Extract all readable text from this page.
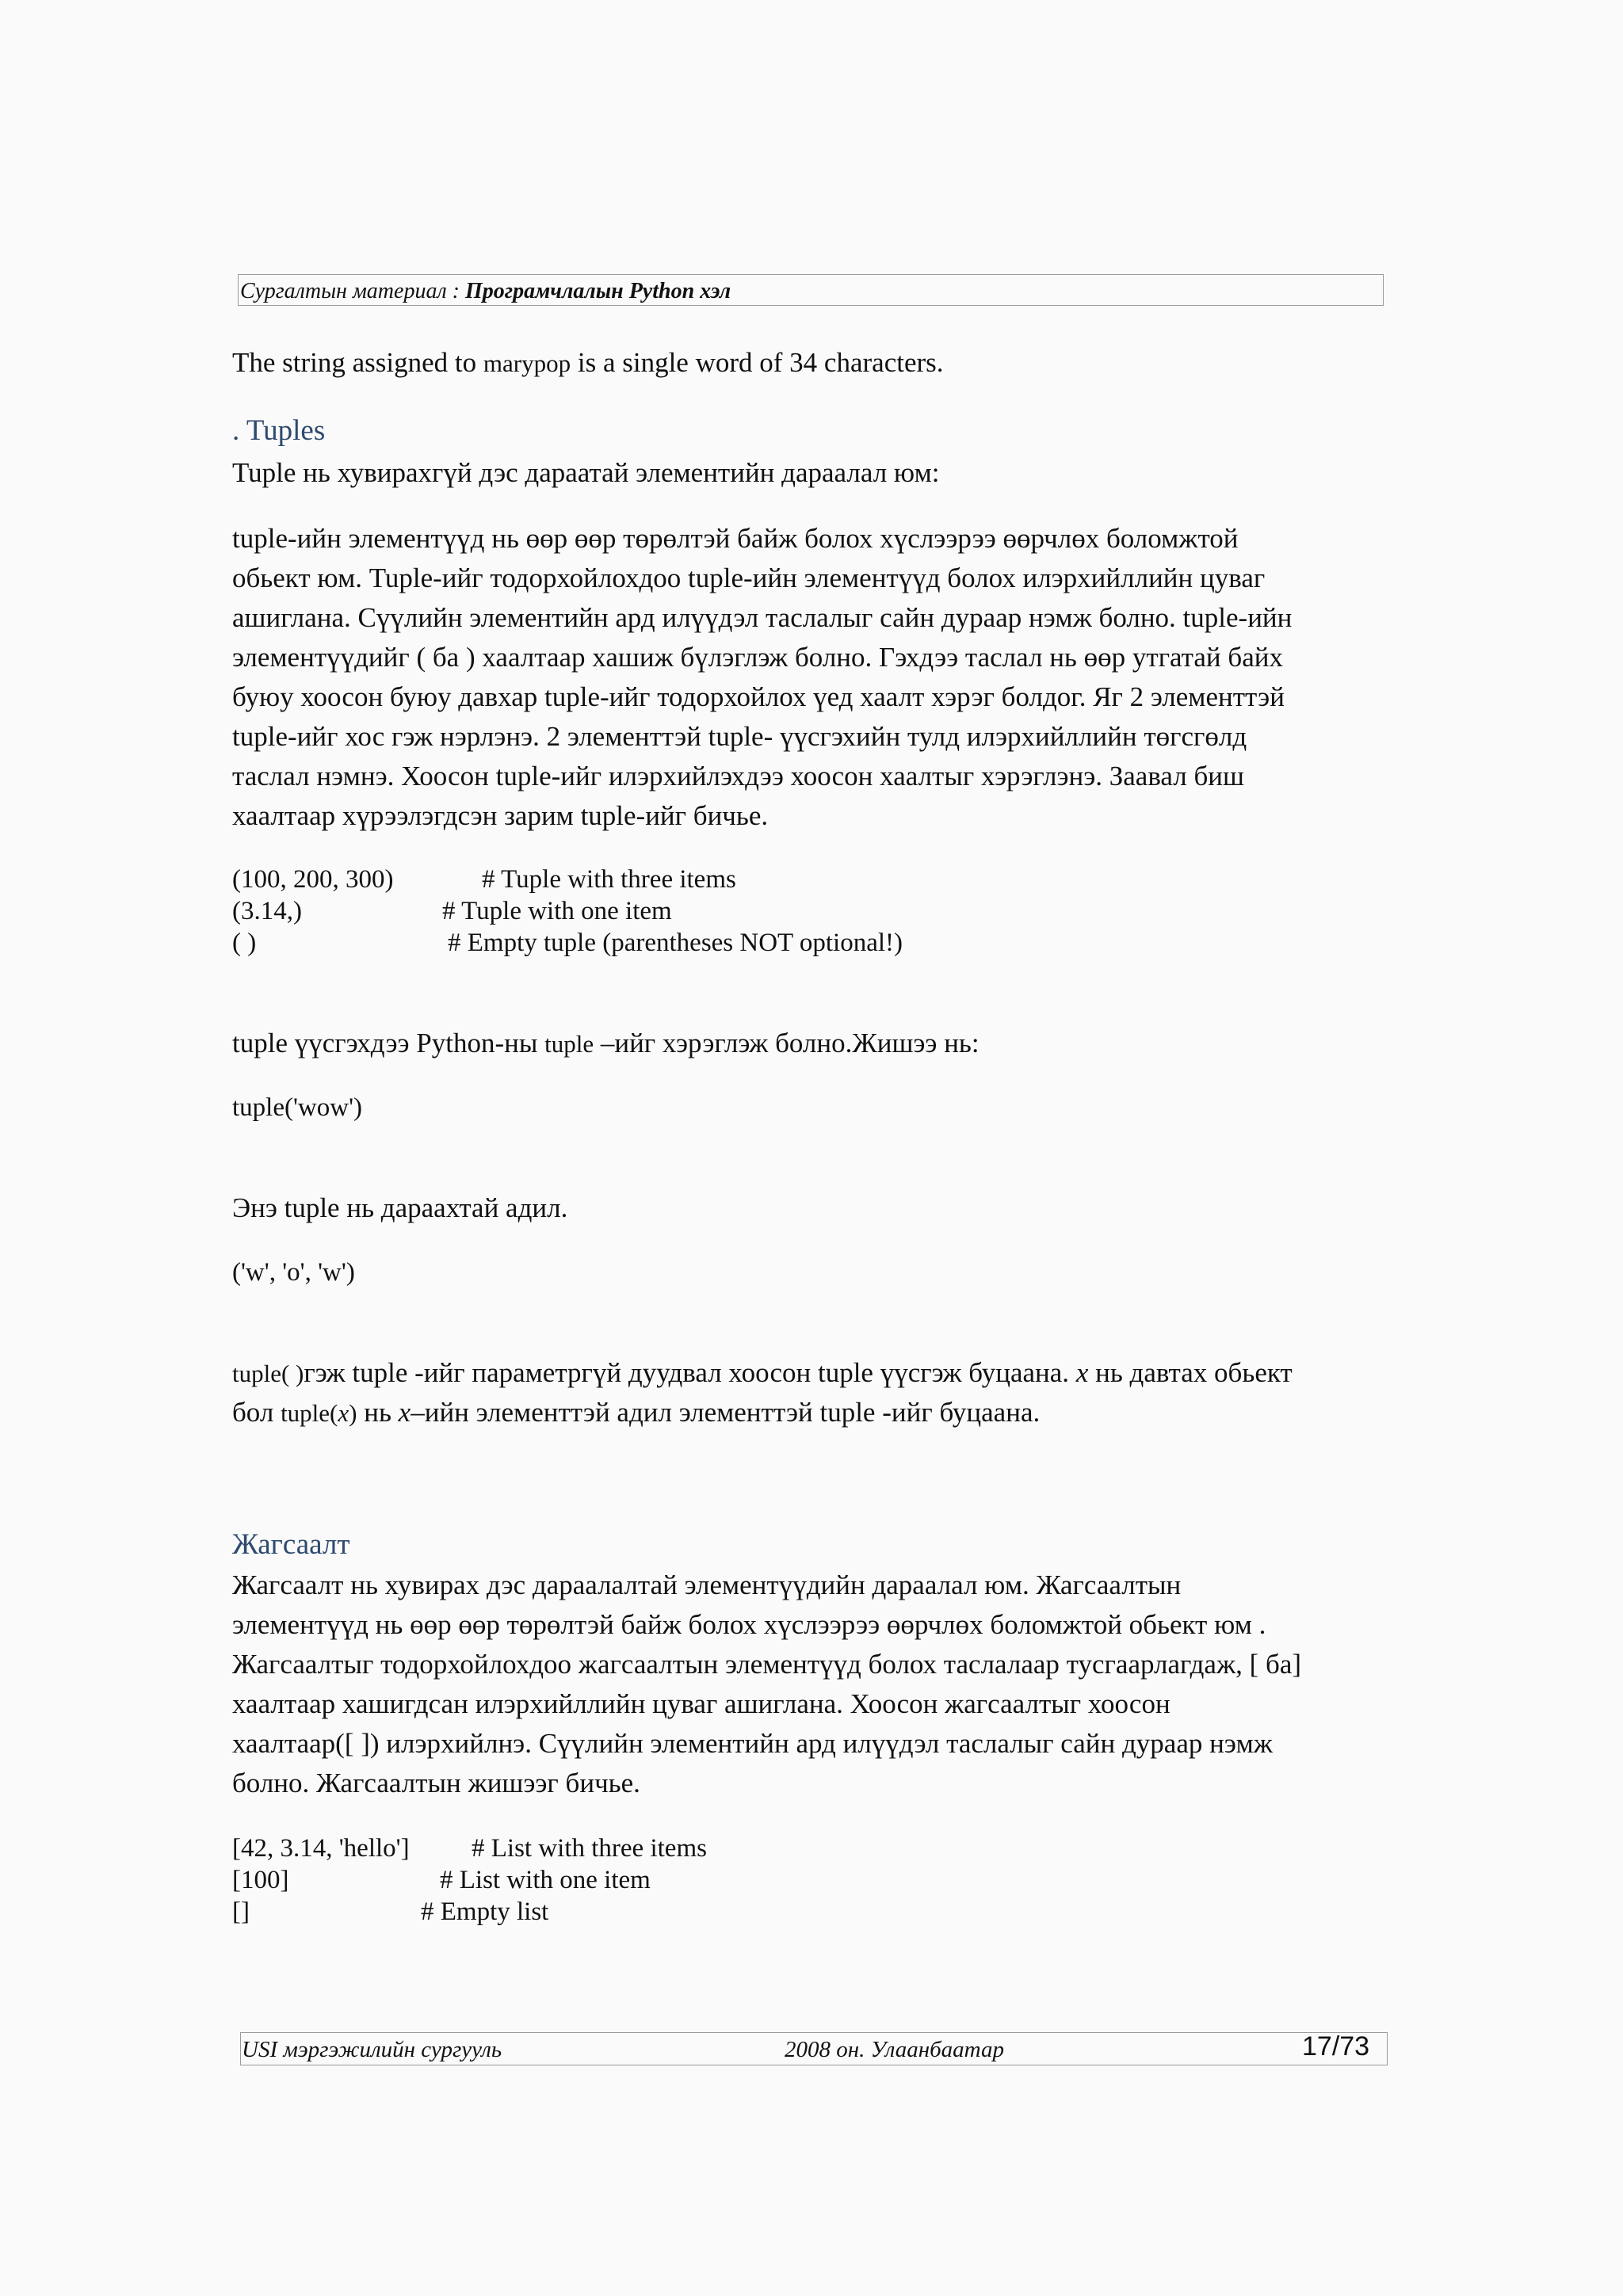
Сургалтын материал : Програмчлалын Python хэл
The string assigned to marypop is a single word of 34 characters.
. Tuples
Tuple нь хувирахгүй дэс дараатай элементийн дараалал юм:
tuple-ийн элементүүд нь өөр өөр төрөлтэй байж болох хүслээрээ өөрчлөх боломжтой
обьект юм. Tuple-ийг тодорхойлохдоо tuple-ийн элементүүд болох илэрхийллийн цуваг
ашиглана. Сүүлийн элементийн ард илүүдэл таслалыг сайн дураар нэмж болно. tuple-ийн
элементүүдийг ( ба ) хаалтаар хашиж бүлэглэж болно. Гэхдээ таслал нь өөр утгатай байх
буюу хоосон буюу давхар tuple-ийг тодорхойлох үед хаалт хэрэг болдог. Яг 2 элементтэй
tuple-ийг хос гэж нэрлэнэ. 2 элементтэй tuple- үүсгэхийн тулд илэрхийллийн төгсгөлд
таслал нэмнэ. Хоосон tuple-ийг илэрхийлэхдээ хоосон хаалтыг хэрэглэнэ. Заавал биш
хаалтаар хүрээлэгдсэн зарим tuple-ийг бичье.
(100, 200, 300)	# Tuple with three items
(3.14,)	# Tuple with one item
( )	# Empty tuple (parentheses NOT optional!)
tuple үүсгэхдээ Python-ны tuple –ийг хэрэглэж болно.Жишээ нь:
tuple('wow')
Энэ tuple нь дараахтай адил.
('w', 'o', 'w')
tuple( )гэж tuple -ийг параметргүй дуудвал хоосон tuple үүсгэж буцаана. x нь давтах обьект
бол tuple(x) нь x–ийн элементтэй адил элементтэй tuple -ийг буцаана.
Жагсаалт
Жагсаалт нь хувирах дэс дараалалтай элементүүдийн дараалал юм. Жагсаалтын
элементүүд нь өөр өөр төрөлтэй байж болох хүслээрээ өөрчлөх боломжтой обьект юм .
Жагсаалтыг тодорхойлохдоо жагсаалтын элементүүд болох таслалаар тусгаарлагдаж, [ ба]
хаалтаар хашигдсан илэрхийллийн цуваг ашиглана. Хоосон жагсаалтыг хоосон
хаалтаар([ ]) илэрхийлнэ. Сүүлийн элементийн ард илүүдэл таслалыг сайн дураар нэмж
болно. Жагсаалтын жишээг бичье.
[42, 3.14, 'hello'] # List with three items
[100]	# List with one item
[]	# Empty list
USI мэргэжилийн сургууль	2008 он. Улаанбаатар	17/73
